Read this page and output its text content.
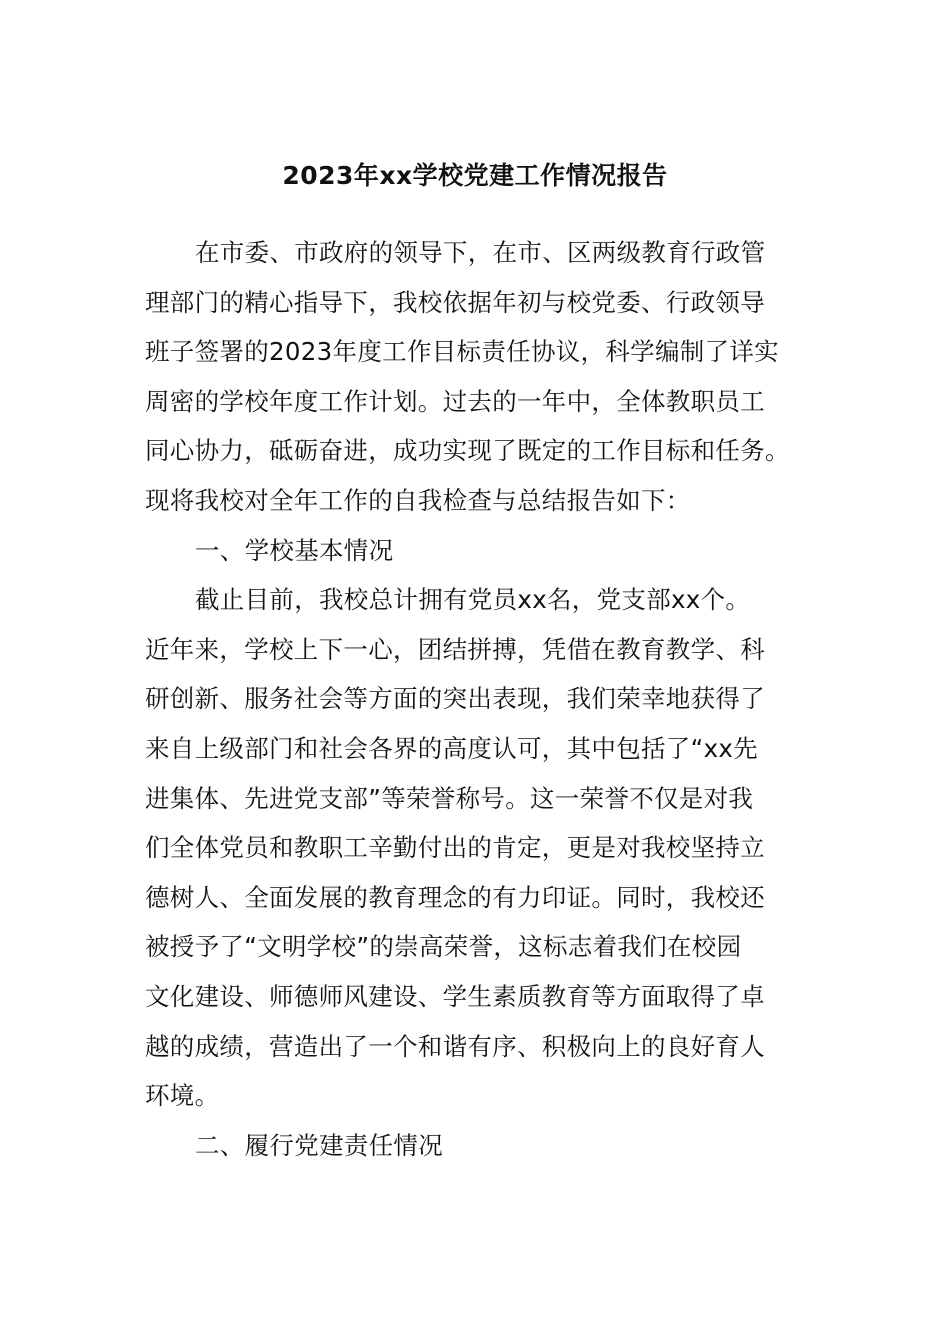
2023年xx学校党建工作情况报告
在市委、市政府的领导下，在市、区两级教育行政管
理部门的精心指导下，我校依据年初与校党委、行政领导
班子签署的2023年度工作目标责任协议，科学编制了详实
周密的学校年度工作计划。过去的一年中，全体教职员工
同心协力，砥砺奋进，成功实现了既定的工作目标和任务。
现将我校对全年工作的自我检查与总结报告如下：
一、学校基本情况
截止目前，我校总计拥有党员xx名，党支部xx个。
近年来，学校上下一心，团结拼搏，凭借在教育教学、科
研创新、服务社会等方面的突出表现，我们荣幸地获得了
来自上级部门和社会各界的高度认可，其中包括了“xx先
进集体、先进党支部”等荣誉称号。这一荣誉不仅是对我
们全体党员和教职工辛勤付出的肯定，更是对我校坚持立
德树人、全面发展的教育理念的有力印证。同时，我校还
被授予了“文明学校”的崇高荣誉，这标志着我们在校园
文化建设、师德师风建设、学生素质教育等方面取得了卓
越的成绩，营造出了一个和谐有序、积极向上的良好育人
环境。
二、履行党建责任情况
